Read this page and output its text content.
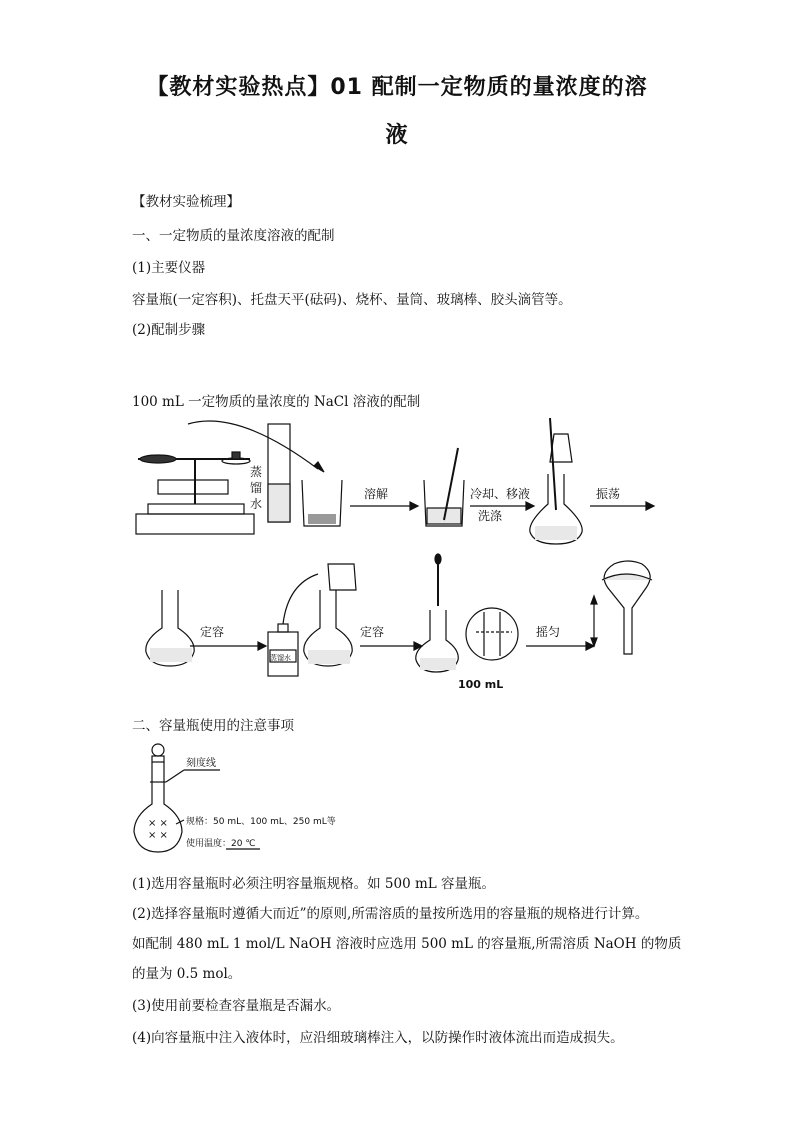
【教材实验热点】01 配制一定物质的量浓度的溶
液
【教材实验梳理】
一、一定物质的量浓度溶液的配制
(1)主要仪器
容量瓶(一定容积)、托盘天平(砝码)、烧杯、量筒、玻璃棒、胶头滴管等。
(2)配制步骤
100 mL 一定物质的量浓度的 NaCl 溶液的配制
蒸
馏
水
溶解	冷却、移液
洗涤
振荡
定容
蒸馏水
定容
100 mL
摇匀
二、容量瓶使用的注意事项
刻度线
× ×
× ×
规格：50 mL、100 mL、250 mL等
使用温度：20 ℃
(1)选用容量瓶时必须注明容量瓶规格。如 500 mL 容量瓶。
(2)选择容量瓶时遵循大而近”的原则,所需溶质的量按所选用的容量瓶的规格进行计算。
如配制 480 mL 1 mol/L NaOH 溶液时应选用 500 mL 的容量瓶,所需溶质 NaOH 的物质
的量为 0.5 mol。
(3)使用前要检查容量瓶是否漏水。
(4)向容量瓶中注入液体时，应沿细玻璃棒注入，以防操作时液体流出而造成损失。
